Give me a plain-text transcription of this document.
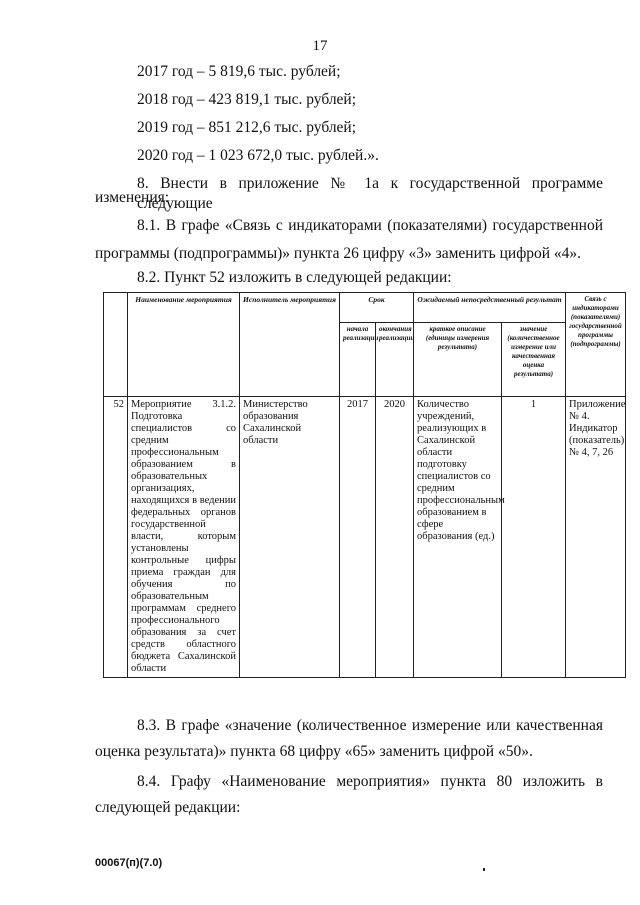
17
2017 год – 5 819,6 тыс. рублей;
2018 год – 423 819,1 тыс. рублей;
2019 год – 851 212,6 тыс. рублей;
2020 год – 1 023 672,0 тыс. рублей.».
8. Внести в приложение № 1а к государственной программе следующие
изменения:
8.1. В графе «Связь с индикаторами (показателями) государственной
программы (подпрограммы)» пункта 26 цифру «3» заменить цифрой «4».
8.2. Пункт 52 изложить в следующей редакции:
	Наименование мероприятия	Исполнитель мероприятия	Срок		Ожидаемый непосредственный результат		Связь с индикаторами (показателями) государственной программы (подпрограммы)
			начала реализации	окончания реализации	краткое описание (единицы измерения результата)	значение (количественное измерение или качественная оценка результата)	
52	Мероприятие 3.1.2. Подготовка специалистов со средним профессиональным образованием в образовательных организациях, находящихся в ведении федеральных органов государственной власти, которым установлены контрольные цифры приема граждан для обучения по образовательным программам среднего профессионального образования за счет средств областного бюджета Сахалинской области	Министерство образования Сахалинской области	2017	2020	Количество учреждений, реализующих в Сахалинской области подготовку специалистов со средним профессиональным образованием в сфере образования (ед.)	1	Приложение № 4. Индикатор (показатель) № 4, 7, 26
8.3. В графе «значение (количественное измерение или качественная
оценка результата)» пункта 68 цифру «65» заменить цифрой «50».
8.4. Графу «Наименование мероприятия» пункта 80 изложить в
следующей редакции:
00067(п)(7.0)
